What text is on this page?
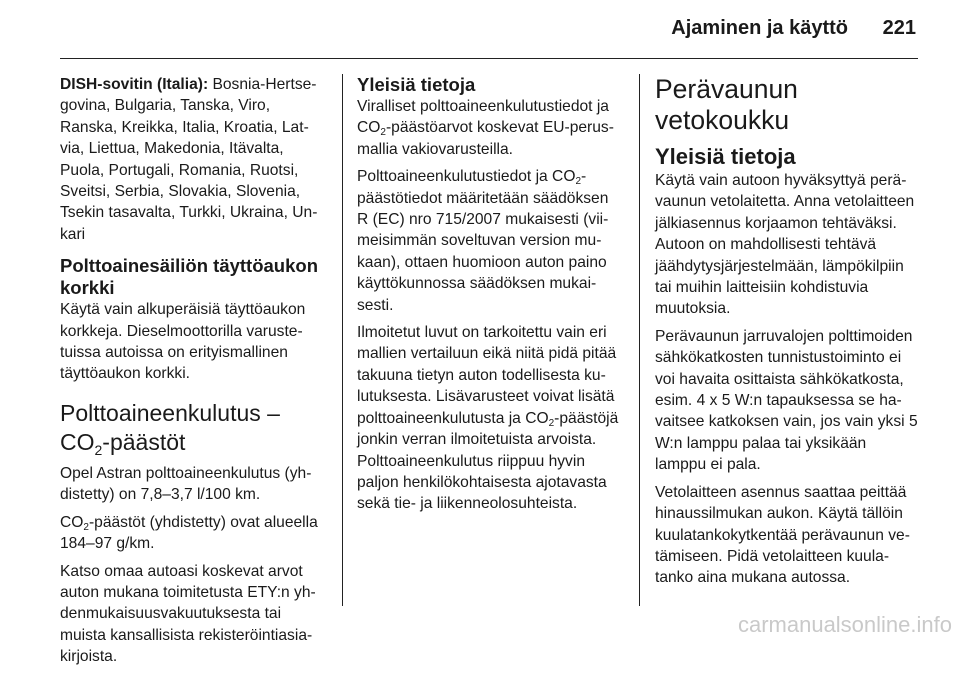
Ajaminen ja käyttö 221

DISH-sovitin (Italia): Bosnia-Hertsegovina, Bulgaria, Tanska, Viro, Ranska, Kreikka, Italia, Kroatia, Latvia, Liettua, Makedonia, Itävalta, Puola, Portugali, Romania, Ruotsi, Sveitsi, Serbia, Slovakia, Slovenia, Tsekin tasavalta, Turkki, Ukraina, Unkari

Polttoainesäiliön täyttöaukon korkki

Käytä vain alkuperäisiä täyttöaukon korkkeja. Dieselmoottorilla varustetuissa autoissa on erityismallinen täyttöaukon korkki.

Polttoaineenkulutus –
$CO_2$-päästöt

Opel Astran polttoaineenkulutus (yhdistetty) on 7,8–3,7 l/100 km.

$CO_2$-päästöt (yhdistetty) ovat alueella 184–97 g/km.

Katso omaa autoasi koskevat arvot auton mukana toimitetusta ETY:n yhdenmukaisuusvakuutuksesta tai muista kansallisista rekisteröintiasiakirjoista.

Yleisiä tietoja

Viralliset polttoaineenkulutustiedot ja $CO_2$-päästöarvot koskevat EU-perusmallia vakiovarusteilla.

Polttoaineenkulutustiedot ja $CO_2$-päästötiedot määritetään säädöksen R (EC) nro 715/2007 mukaisesti (viimeisimmän soveltuvan version mukaan), ottaen huomioon auton paino käyttökunnossa säädöksen mukaisesti.

Ilmoitetut luvut on tarkoitettu vain eri mallien vertailuun eikä niitä pidä pitää takuuna tietyn auton todellisesta kulutuksesta. Lisävarusteet voivat lisätä polttoaineenkulutusta ja $CO_2$-päästöjä jonkin verran ilmoitetuista arvoista. Polttoaineenkulutus riippuu hyvin paljon henkilökohtaisesta ajotavasta sekä tie- ja liikenneolosuhteista.

Perävaunun vetokoukku
Yleisiä tietoja

Käytä vain autoon hyväksyttyä perävaunun vetolaitetta. Anna vetolaitteen jälkiasennus korjaamon tehtäväksi. Autoon on mahdollisesti tehtävä jäähdytysjärjestelmään, lämpökilpiin tai muihin laitteisiin kohdistuvia muutoksia.

Perävaunun jarruvalojen polttimoiden sähkökatkosten tunnistustoiminto ei voi havaita osittaista sähkökatkosta, esim. 4 x 5 W:n tapauksessa se havaitsee katkoksen vain, jos vain yksi 5 W:n lamppu palaa tai yksikään lamppu ei pala.

Vetolaitteen asennus saattaa peittää hinaussilmukan aukon. Käytä tällöin kuulatankokytkentää perävaunun vetämiseen. Pidä vetolaitteen kuulatanko aina mukana autossa.

carmanualsonline.info
